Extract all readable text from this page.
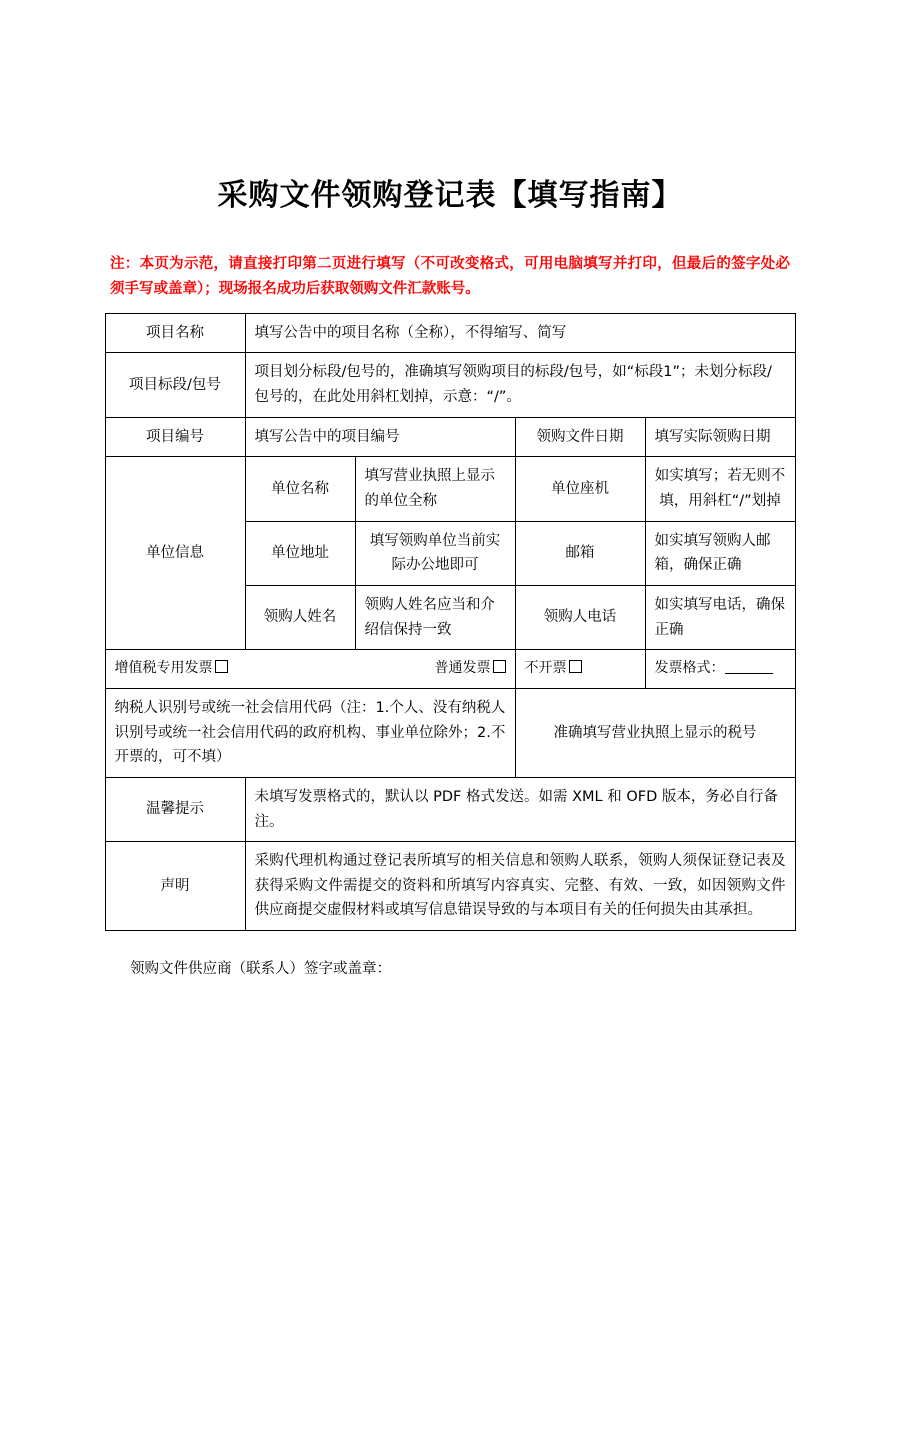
采购文件领购登记表【填写指南】
注：本页为示范，请直接打印第二页进行填写（不可改变格式，可用电脑填写并打印，但最后的签字处必须手写或盖章）；现场报名成功后获取领购文件汇款账号。
项目名称	填写公告中的项目名称（全称），不得缩写、简写			
项目标段/包号	项目划分标段/包号的，准确填写领购项目的标段/包号，如“标段1”；未划分标段/包号的，在此处用斜杠划掉，示意：“/”。			
项目编号	填写公告中的项目编号		领购文件日期	填写实际领购日期
单位信息	单位名称	填写营业执照上显示的单位全称	单位座机	如实填写；若无则不填，用斜杠“/”划掉
	单位地址	填写领购单位当前实际办公地即可	邮箱	如实填写领购人邮箱，确保正确
	领购人姓名	领购人姓名应当和介绍信保持一致	领购人电话	如实填写电话，确保正确

增值税专用发票 普通发票			不开票	发票格式：

纳税人识别号或统一社会信用代码（注：1.个人、没有纳税人识别号或统一社会信用代码的政府机构、事业单位除外；2.不开票的，可不填）			准确填写营业执照上显示的税号	
温馨提示	未填写发票格式的，默认以 PDF 格式发送。如需 XML 和 OFD 版本，务必自行备注。			
声明	采购代理机构通过登记表所填写的相关信息和领购人联系，领购人须保证登记表及获得采购文件需提交的资料和所填写内容真实、完整、有效、一致，如因领购文件供应商提交虚假材料或填写信息错误导致的与本项目有关的任何损失由其承担。			
领购文件供应商（联系人）签字或盖章：
